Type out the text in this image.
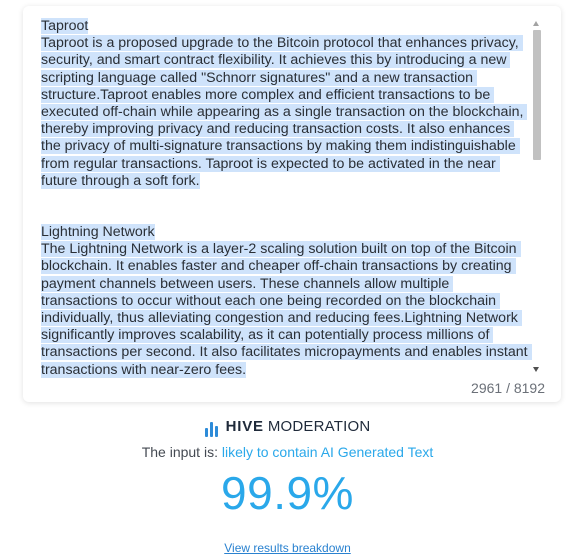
Taproot

Taproot is a proposed upgrade to the Bitcoin protocol that enhances privacy, security, and smart contract flexibility. It achieves this by introducing a new scripting language called "Schnorr signatures" and a new transaction structure.Taproot enables more complex and efficient transactions to be executed off-chain while appearing as a single transaction on the blockchain, thereby improving privacy and reducing transaction costs. It also enhances the privacy of multi-signature transactions by making them indistinguishable from regular transactions. Taproot is expected to be activated in the near future through a soft fork.

Lightning Network

The Lightning Network is a layer-2 scaling solution built on top of the Bitcoin blockchain. It enables faster and cheaper off-chain transactions by creating payment channels between users. These channels allow multiple transactions to occur without each one being recorded on the blockchain individually, thus alleviating congestion and reducing fees.Lightning Network significantly improves scalability, as it can potentially process millions of transactions per second. It also facilitates micropayments and enables instant transactions with near-zero fees.

2961 / 8192
HIVE MODERATION
The input is: likely to contain AI Generated Text
99.9%
View results breakdown
